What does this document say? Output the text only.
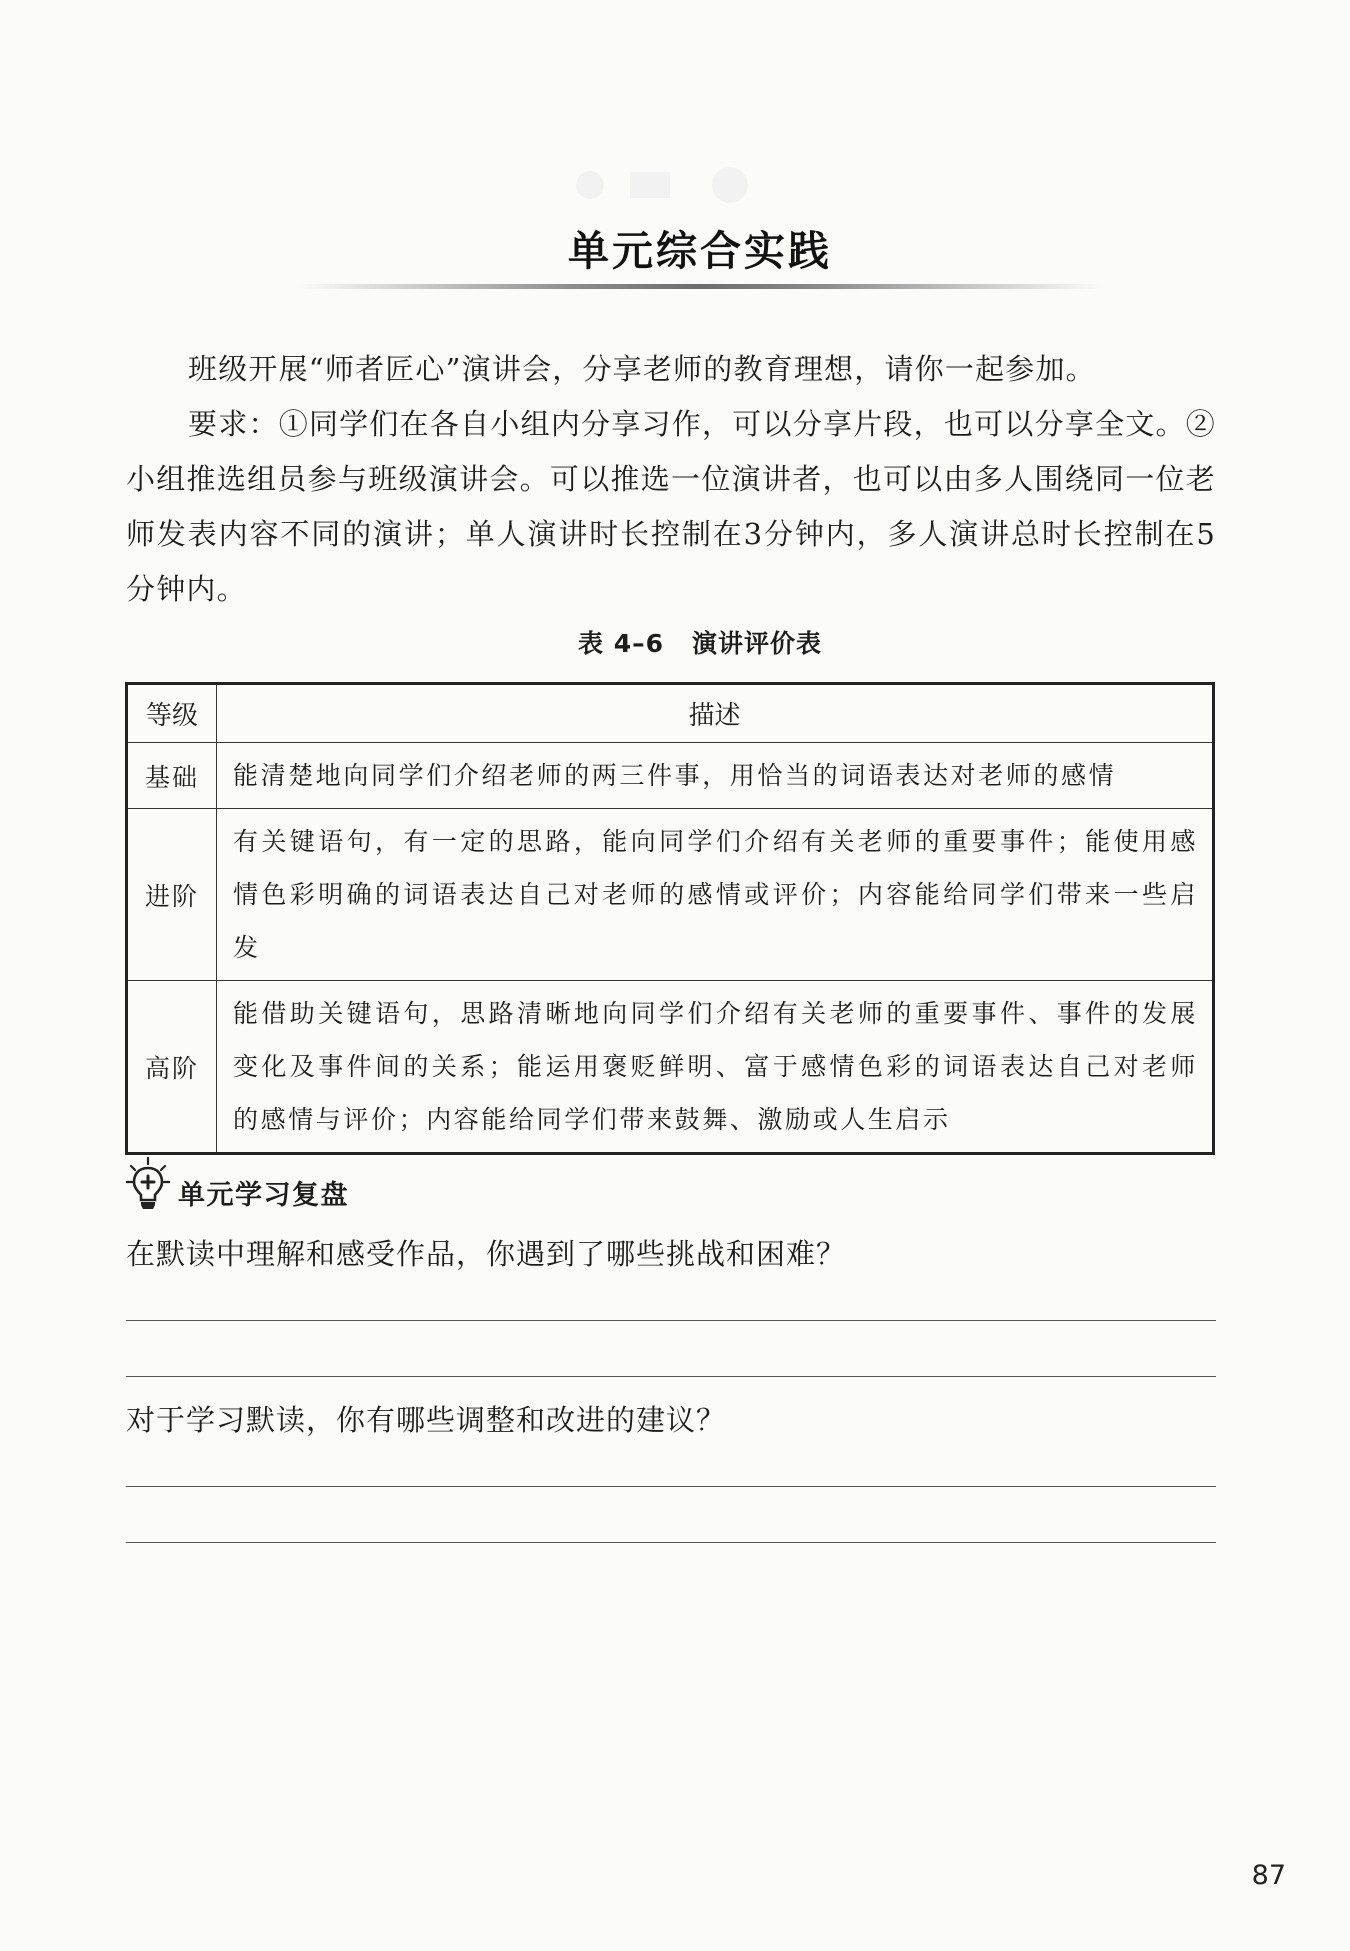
单元综合实践
班级开展“师者匠心”演讲会，分享老师的教育理想，请你一起参加。
要求：①同学们在各自小组内分享习作，可以分享片段，也可以分享全文。②小组推选组员参与班级演讲会。可以推选一位演讲者，也可以由多人围绕同一位老师发表内容不同的演讲；单人演讲时长控制在3分钟内，多人演讲总时长控制在5分钟内。
表 4–6 演讲评价表
等级	描述
基础	能清楚地向同学们介绍老师的两三件事，用恰当的词语表达对老师的感情
进阶	有关键语句，有一定的思路，能向同学们介绍有关老师的重要事件；能使用感情色彩明确的词语表达自己对老师的感情或评价；内容能给同学们带来一些启发
高阶	能借助关键语句，思路清晰地向同学们介绍有关老师的重要事件、事件的发展变化及事件间的关系；能运用褒贬鲜明、富于感情色彩的词语表达自己对老师的感情与评价；内容能给同学们带来鼓舞、激励或人生启示
单元学习复盘
在默读中理解和感受作品，你遇到了哪些挑战和困难？
对于学习默读，你有哪些调整和改进的建议？
87
